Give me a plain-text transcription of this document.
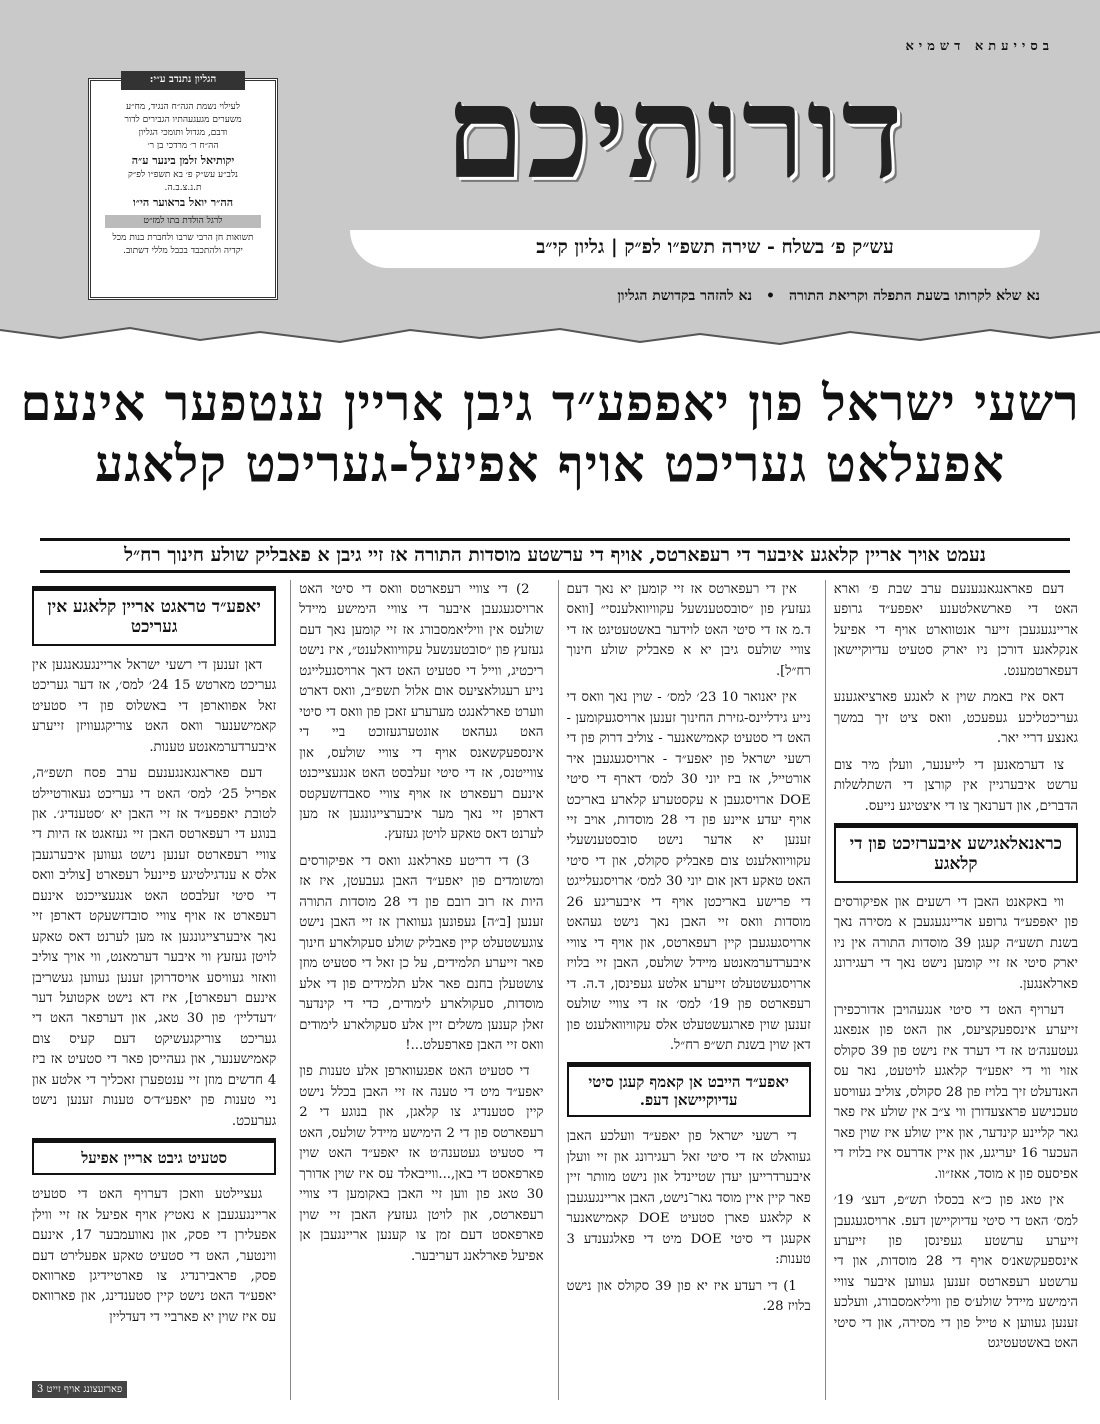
בסייעתא דשמיא
דורותיכם
עש״ק פ׳ בשלח - שירה תשפ״ו לפ״ק | גליון קי״ב
נא שלא לקרותו בשעת התפלה וקריאת התורה
•
נא להזהר בקדושת הגליון
הגליון נתנדב ע״י:
לעילוי נשמת הגה״ח הנגיד, מח״ע
משערים מגעגעהתיו הגבירים לדור
ודבם, מגדול ותומכי הגליון
הה״ח ר׳ מרדכי בן ר׳
יקותיאל זלמן בינער ע״ה
נלב״ע עש״ק פ׳ בא תשפ״ו לפ״ק
ת.נ.צ.ב.ה.
הה״ר יואל בראוער הי״ו
לרגל הולדת בתו למז״ט
תשואות חן הרבי שרבו ולחברת בנות מכל
יקדיה ולהתכבד בכבל מללי דשתוב.
רשעי ישראל פון יאפפע״ד גיבן אריין ענטפער אינעם
אפעלאט געריכט אויף אפיעל-געריכט קלאגע
נעמט אויך אריין קלאגע איבער די רעפארטס, אויף די ערשטע מוסדות התורה אז זיי גיבן א פאבליק שולע חינוך רח״ל

דעם פאראנגאנגענעם ערב שבת פ׳ וארא האט די פארשאלטענע יאפפע״ד גרופע אריינגעגעבן זייער אנטווארט אויף די אפיעל אנקלאגע דורכן ניו יארק סטעיט עדיוקיישאן דעפארטמענט.

דאס איז באמת שוין א לאנגע פארציאגענע געריכטליכע געפעכט, וואס ציט זיך במשך גאנצע דריי יאר.

צו דערמאנען די לייענער, וועלן מיר צום ערשט איבערגיין אין קורצן די השתלשלות הדברים, און דערנאך צו די איצטיגע נייעס.

כראנאלאגישע איבערזיכט פון די קלאגע

ווי באקאנט האבן די רשעים און אפיקורסים פון יאפפע״ד גרופע אריינגעגעבן א מסירה נאך בשנת תשע״ה קעגן 39 מוסדות התורה אין ניו יארק סיטי אז זיי קומען נישט נאך די רעגירונג פארלאנגען.

דערויף האט די סיטי אנגעהויבן אדורכפירן זייערע אינספעקציעס, און האט פון אנפאנג געטענה׳ט אז די דערד איז נישט פון 39 סקולס אזוי ווי די יאפע״ד קלאגע לויטעט, נאר עס האנדעלט זיך בלויז פון 28 סקולס, צוליב געוויסע טעכנישע פראצעדורן ווי צ״ב אין שולע איז פאר גאר קליינע קינדער, און איין שולע איז שוין פאר העכער 16 יעריגע, און איין אדרעס איז בלויז די אפיסעס פון א מוסד, אאז״וו.

אין טאג פון כ״א בכסלו תש״פ, דעצ׳ 19׳ למס׳ האט די סיטי עדיוקיישן דעפ. ארויסגעגעבן זייערע ערשטע געפינסן פון זייערע אינספעקשאנ׳ס אויף די 28 מוסדות, און די ערשטע רעפארטס זענען געווען איבער צוויי הימישע מיידל שולע׳ס פון וויליאמסבורג, וועלכע זענען געווען א טייל פון די מסירה, און די סיטי האט באשטעטיגט

אין די רעפארטס אז זיי קומען יא נאך דעם געזעץ פון ״סובסטענשעל עקוויוואלענסי״ [וואס ד.מ אז די סיטי האט לוידער באשטעטיגט אז די צוויי שולעס גיבן יא א פאבליק שולע חינוך רח״ל].

אין יאנואר 10 23׳ למס׳ - שוין נאך וואס די נייע גידליינס-גזירת החינוך זענען ארויסגעקומען - האט די סטעיט קאמישאנער - צוליב דרוק פון די רשעי ישראל פון יאפע״ד - ארויסגעגעבן איר אורטייל, אז ביז יוני 30 למס׳ דארף די סיטי DOE ארויסגעבן א עקסטערע קלארע באריכט אויף יעדע איינע פון די 28 מוסדות, אויב זיי זענען יא אדער נישט סובסטענשעלי עקוויוואלענט צום פאבליק סקולס, און די סיטי האט טאקע דאן אום יוני 30 למס׳ ארויסגעלייגט די פרישע באריכטן אויף די איבעריגע 26 מוסדות וואס זיי האבן נאך נישט געהאט ארויסגעגעבן קיין רעפארטס, און אויף די צוויי איבערדערמאנטע מיידל שולעס, האבן זיי בלויז ארויסגעשטעלט זייערע אלטע געפינסן, ד.ה. די רעפארטס פון 19׳ למס׳ אז די צוויי שולעס זענען שוין פארגעשטעלט אלס עקוויוואלענט פון דאן שוין בשנת תש״פ רח״ל.

יאפע״ד הייבט אן קאמף קעגן סיטי עדיוקיישאן דעפ.

די רשעי ישראל פון יאפע״ד וועלכע האבן געוואלט אז די סיטי זאל רעגירונג און זיי וועלן איבערדרייען יעדן שטיינדל און נישט מוותר זיין פאר קיין איין מוסד גאר־נישט, האבן אריינגעגעבן א קלאגע פארן סטעיט DOE קאמישאנער אקעגן די סיטי DOE מיט די פאלגענדע 3 טענות:

1) די רעדע איז יא פון 39 סקולס און נישט בלויז 28.

2) די צוויי רעפארטס וואס די סיטי האט ארויסגעגעבן איבער די צוויי הימישע מיידל שולעס אין וויליאמסבורג אז זיי קומען נאך דעם געזעץ פון ״סובטענשעל עקוויוואלענט״, איז נישט ריכטיג, ווייל די סטעיט האט דאך ארויסגעלייגט נייע רעגולאציעס אום אלול תשפ״ב, וואס דארט ווערט פארלאנגט מערערע זאכן פון וואס די סיטי האט געהאט אונטערגעזוכט ביי די אינספעקשאנס אויף די צוויי שולעס, און צווייטנס, אז די סיטי זעלבסט האט אנגעצייכנט אינעם רעפארט אז אויף צוויי סאבדזשעקטס דארפן זיי נאך מער איבערצייגונגען אז מען לערנט דאס טאקע לויטן געזעץ.

3) די דריטע פארלאנג וואס די אפיקורסים ומשומדים פון יאפע״ד האבן געבעטן, איז אז היות אז רוב רובם פון די 28 מוסדות התורה זענען [ב״ה] געפונען געווארן אז זיי האבן נישט צוגעשטעלט קיין פאבליק שולע סעקולארע חינוך פאר זייערע תלמידים, על כן זאל די סטעיט מוזן צושטעלן בחנם פאר אלע תלמידים פון די אלע מוסדות, סעקולארע לימודים, כדי די קינדער זאלן קענען משלים זיין אלע סעקולארע לימודים וואס זיי האבן פארפעלט...!

די סטעיט האט אפגעווארפן אלע טענות פון יאפע״ד מיט די טענה אז זיי האבן בכלל נישט קיין סטענדיג צו קלאגן, און בנוגע די 2 רעפארטס פון די 2 הימישע מיידל שולעס, האט די סטעיט געטענה׳ט אז יאפע״ד האט שוין פארפאסט די באן,...ווייבאלד עס איז שוין אדורך 30 טאג פון ווען זיי האבן באקומען די צוויי רעפארטס, און לויטן געזעץ האבן זיי שוין פארפאסט דעם זמן צו קענען אריינגעבן אן אפיעל פארלאנג דעריבער.

יאפע״ד טראגט אריין קלאגע אין געריכט

דאן זענען די רשעי ישראל אריינגעגאנגען אין געריכט מארטש 15 24׳ למס׳, אז דער געריכט זאל אפווארפן די באשלוס פון די סטעיט קאמישענער וואס האט צוריקגעוויזן זייערע איבערדערמאנטע טענות.

דעם פאראנגאנגענעם ערב פסח תשפ״ה, אפריל 25׳ למס׳ האט די געריכט געאורטיילט לטובת יאפפע״ד אז זיי האבן יא ׳סטענדיג׳. און בנוגע די רעפארטס האבן זיי געזאגט אז היות די צוויי רעפארטס זענען נישט געווען איבערגעבן אלס א ענדגילטיגע פיינעל רעפארט [צוליב וואס די סיטי זעלבסט האט אנגעצייכנט אינעם רעפארט אז אויף צוויי סובדזשעקט דארפן זיי נאך איבערצייגונגען אז מען לערנט דאס טאקע לויטן געזעץ ווי איבער דערמאנט, ווי אויך צוליב וואזוי געוויסע אויסדרוקן זענען געווען געשריבן אינעם רעפארט], איז דא נישט אקטועל דער ׳דעדליין׳ פון 30 טאג, און דערפאר האט די געריכט צוריקגעשיקט דעם קעיס צום קאמישענער, און געהייסן פאר די סטעיט אז ביז 4 חדשים מוזן זיי ענטפערן זאכליך די אלטע און ניי טענות פון יאפע״ד׳ס טענות זענען נישט גערעכט.

סטעיט גיבט אריין אפיעל

געציילטע וואכן דערויף האט די סטעיט אריינגעגעבן א נאטיץ אויף אפיעל אז זיי ווילן אפעלירן די פסק, און נאוועמבער 17, אינעם ווינטער, האט די סטעיט טאקע אפעלירט דעם פסק, פראבירנדיג צו פארטיידיגן פארוואס יאפע״ד האט נישט קיין סטענדינג, און פארוואס עס איז שוין יא פארביי די דעדליין

פארזעצונג אויף זייט 3
